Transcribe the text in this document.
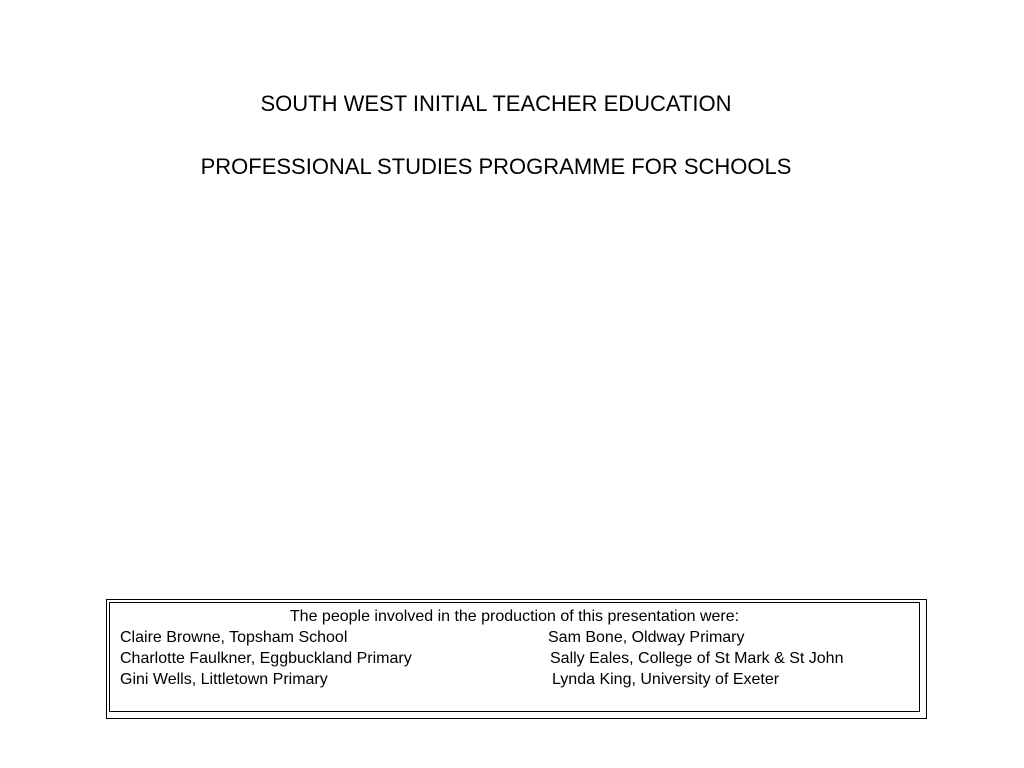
SOUTH WEST INITIAL TEACHER EDUCATION
PROFESSIONAL STUDIES PROGRAMME FOR SCHOOLS

The people involved in the production of this presentation were:

Claire Browne, Topsham School	Sam Bone, Oldway Primary
Charlotte Faulkner, Eggbuckland Primary	Sally Eales, College of St Mark & St John
Gini Wells, Littletown Primary	Lynda King, University of Exeter
